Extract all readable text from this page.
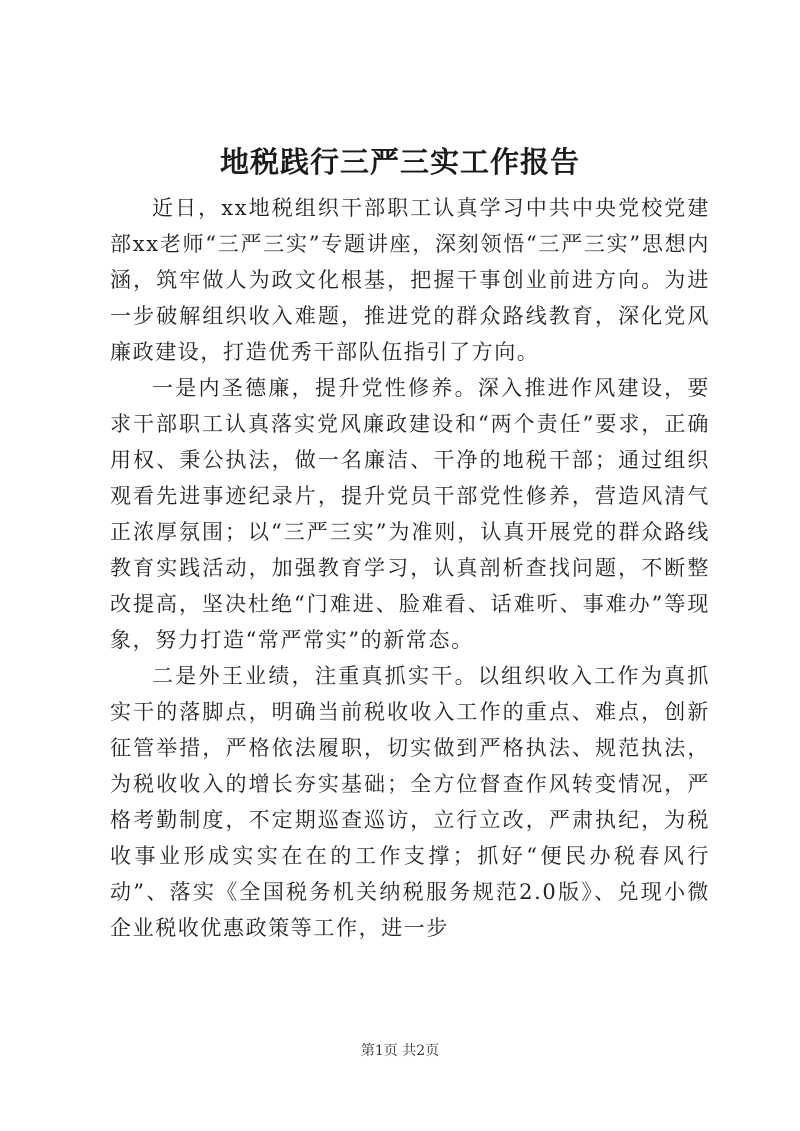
地税践行三严三实工作报告

近日，xx地税组织干部职工认真学习中共中央党校党建部xx老师“三严三实”专题讲座，深刻领悟“三严三实”思想内涵，筑牢做人为政文化根基，把握干事创业前进方向。为进一步破解组织收入难题，推进党的群众路线教育，深化党风廉政建设，打造优秀干部队伍指引了方向。

一是内圣德廉，提升党性修养。深入推进作风建设，要求干部职工认真落实党风廉政建设和“两个责任”要求，正确用权、秉公执法，做一名廉洁、干净的地税干部；通过组织观看先进事迹纪录片，提升党员干部党性修养，营造风清气正浓厚氛围；以“三严三实”为准则，认真开展党的群众路线教育实践活动，加强教育学习，认真剖析查找问题，不断整改提高，坚决杜绝“门难进、脸难看、话难听、事难办”等现象，努力打造“常严常实”的新常态。

二是外王业绩，注重真抓实干。以组织收入工作为真抓实干的落脚点，明确当前税收收入工作的重点、难点，创新征管举措，严格依法履职，切实做到严格执法、规范执法，为税收收入的增长夯实基础；全方位督查作风转变情况，严格考勤制度，不定期巡查巡访，立行立改，严肃执纪，为税收事业形成实实在在的工作支撑；抓好“便民办税春风行动”、落实《全国税务机关纳税服务规范2.0版》、兑现小微企业税收优惠政策等工作，进一步

第1页 共2页
